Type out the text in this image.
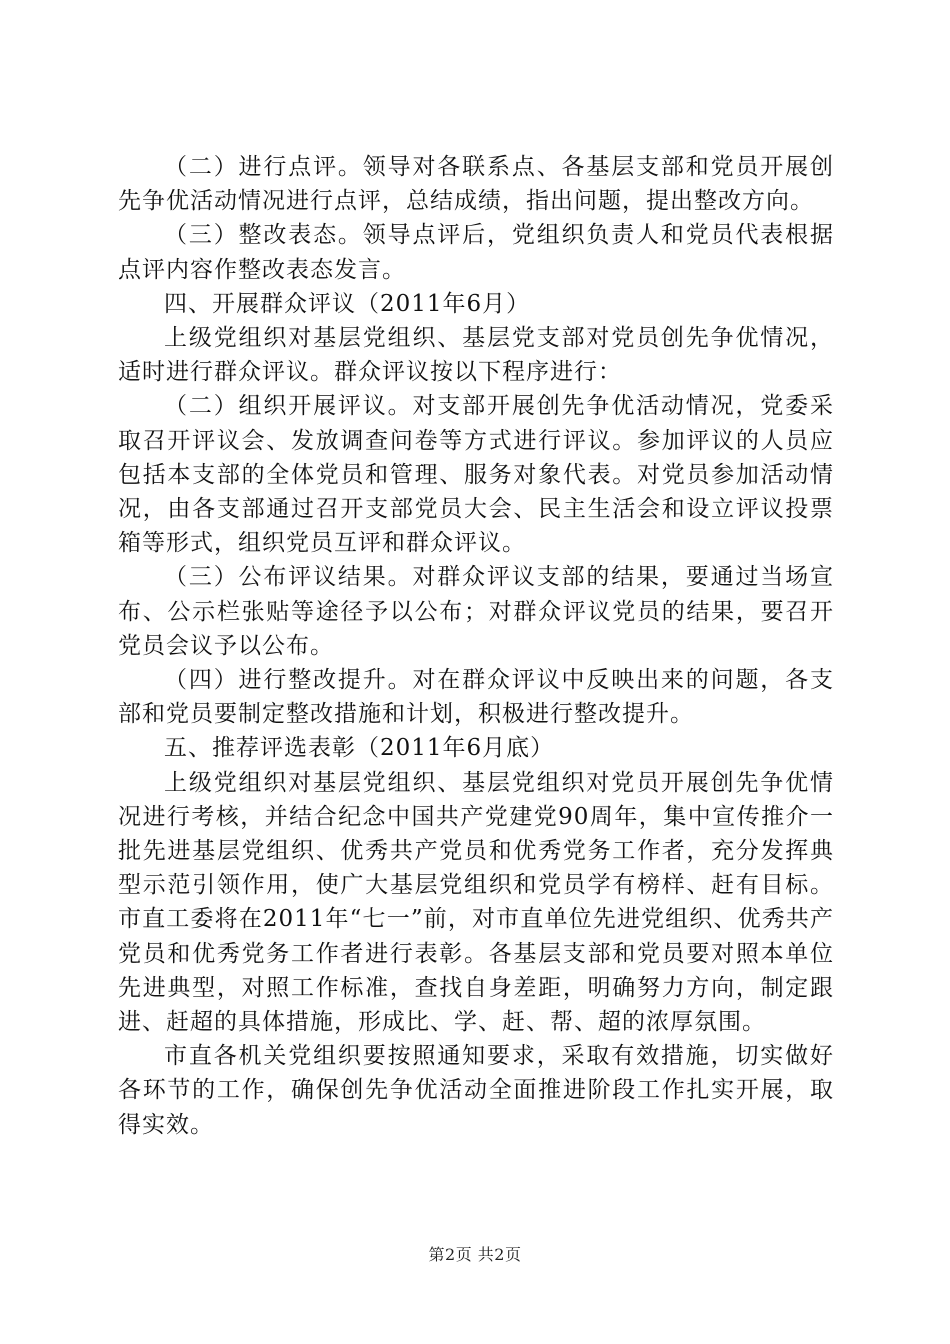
（二）进行点评。领导对各联系点、各基层支部和党员开展创先争优活动情况进行点评，总结成绩，指出问题，提出整改方向。

（三）整改表态。领导点评后，党组织负责人和党员代表根据点评内容作整改表态发言。

四、开展群众评议（2011年6月）

上级党组织对基层党组织、基层党支部对党员创先争优情况，适时进行群众评议。群众评议按以下程序进行：

（二）组织开展评议。对支部开展创先争优活动情况，党委采取召开评议会、发放调查问卷等方式进行评议。参加评议的人员应包括本支部的全体党员和管理、服务对象代表。对党员参加活动情况，由各支部通过召开支部党员大会、民主生活会和设立评议投票箱等形式，组织党员互评和群众评议。

（三）公布评议结果。对群众评议支部的结果，要通过当场宣布、公示栏张贴等途径予以公布；对群众评议党员的结果，要召开党员会议予以公布。

（四）进行整改提升。对在群众评议中反映出来的问题，各支部和党员要制定整改措施和计划，积极进行整改提升。

五、推荐评选表彰（2011年6月底）

上级党组织对基层党组织、基层党组织对党员开展创先争优情况进行考核，并结合纪念中国共产党建党90周年，集中宣传推介一批先进基层党组织、优秀共产党员和优秀党务工作者，充分发挥典型示范引领作用，使广大基层党组织和党员学有榜样、赶有目标。市直工委将在2011年“七一”前，对市直单位先进党组织、优秀共产党员和优秀党务工作者进行表彰。各基层支部和党员要对照本单位先进典型，对照工作标准，查找自身差距，明确努力方向，制定跟进、赶超的具体措施，形成比、学、赶、帮、超的浓厚氛围。

市直各机关党组织要按照通知要求，采取有效措施，切实做好各环节的工作，确保创先争优活动全面推进阶段工作扎实开展，取得实效。

第2页 共2页
